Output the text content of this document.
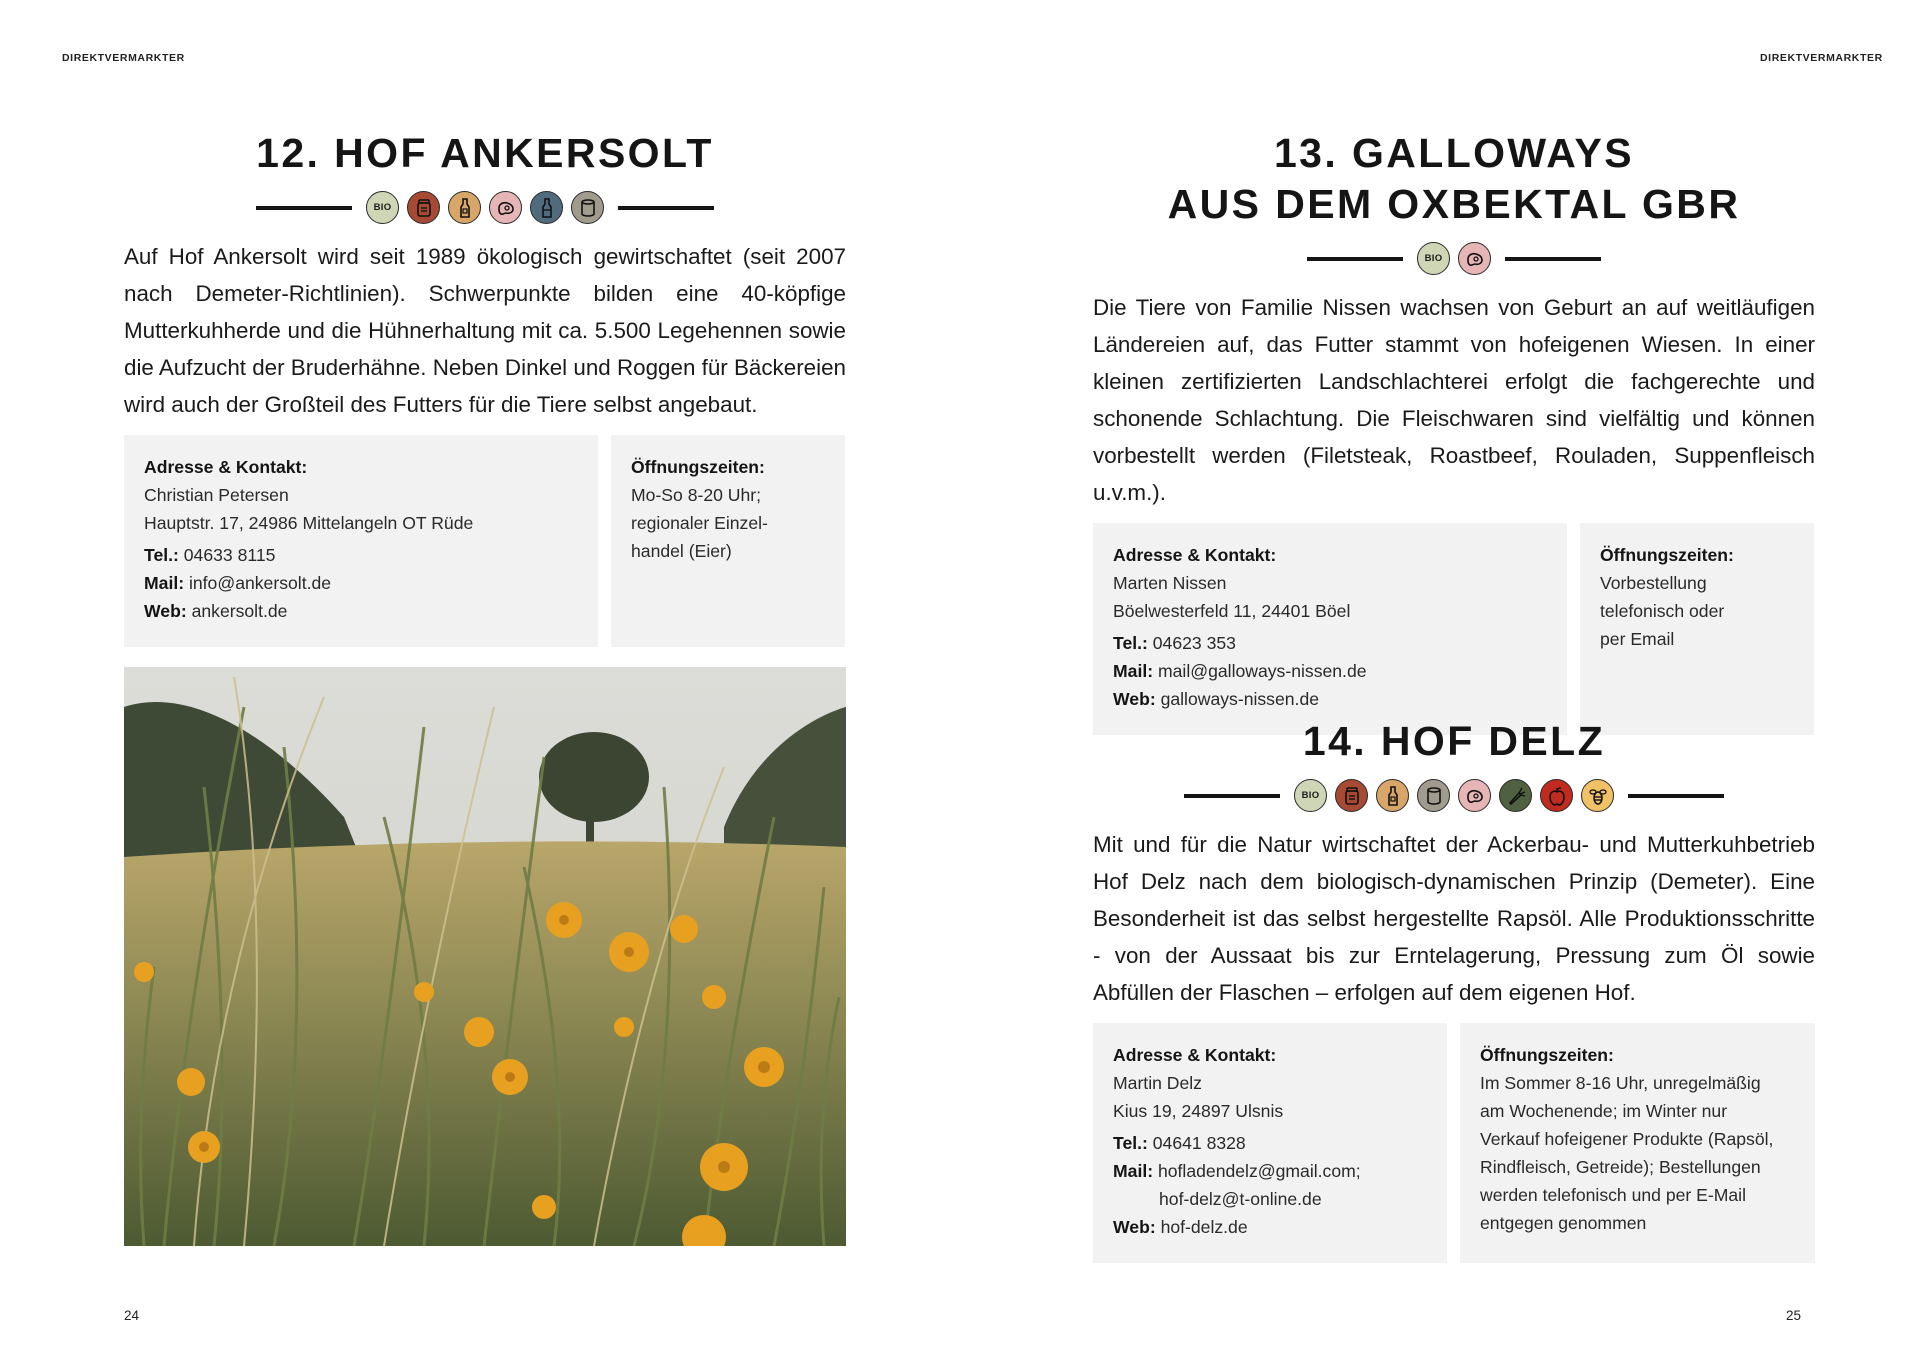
DIREKTVERMARKTER	DIREKTVERMARKTER
12. HOF ANKERSOLT
BIO

Auf Hof Ankersolt wird seit 1989 ökologisch gewirtschaftet (seit 2007 nach Demeter-Richtlinien). Schwerpunkte bilden eine 40-köpfige Mutterkuhherde und die Hühnerhaltung mit ca. 5.500 Legehennen sowie die Aufzucht der Bruderhähne. Neben Dinkel und Roggen für Bäckereien wird auch der Großteil des Futters für die Tiere selbst angebaut.

Adresse & Kontakt:
Christian Petersen
Hauptstr. 17, 24986 Mittelangeln OT Rüde
Tel.: 04633 8115
Mail: info@ankersolt.de
Web: ankersolt.de
Öffnungszeiten:
Mo-So 8-20 Uhr;
regionaler Einzel-
handel (Eier)
24
13. GALLOWAYS
AUS DEM OXBEKTAL GBR
BIO

Die Tiere von Familie Nissen wachsen von Geburt an auf weitläufigen Ländereien auf, das Futter stammt von hofeigenen Wiesen. In einer kleinen zertifizierten Landschlachterei erfolgt die fachgerechte und schonende Schlachtung. Die Fleischwaren sind vielfältig und können vorbestellt werden (Filetsteak, Roastbeef, Rouladen, Suppenfleisch u.v.m.).

Adresse & Kontakt:
Marten Nissen
Böelwesterfeld 11, 24401 Böel
Tel.: 04623 353
Mail: mail@galloways-nissen.de
Web: galloways-nissen.de
Öffnungszeiten:
Vorbestellung
telefonisch oder
per Email
14. HOF DELZ
BIO

Mit und für die Natur wirtschaftet der Ackerbau- und Mutterkuhbetrieb Hof Delz nach dem biologisch-dynamischen Prinzip (Demeter). Eine Besonderheit ist das selbst hergestellte Rapsöl. Alle Produktionsschritte - von der Aussaat bis zur Erntelagerung, Pressung zum Öl sowie Abfüllen der Flaschen – erfolgen auf dem eigenen Hof.

Adresse & Kontakt:
Martin Delz
Kius 19, 24897 Ulsnis
Tel.: 04641 8328
Mail: hofladendelz@gmail.com;
hof-delz@t-online.de
Web: hof-delz.de
Öffnungszeiten:
Im Sommer 8-16 Uhr, unregelmäßig
am Wochenende; im Winter nur
Verkauf hofeigener Produkte (Rapsöl,
Rindfleisch, Getreide); Bestellungen
werden telefonisch und per E-Mail
entgegen genommen
25
